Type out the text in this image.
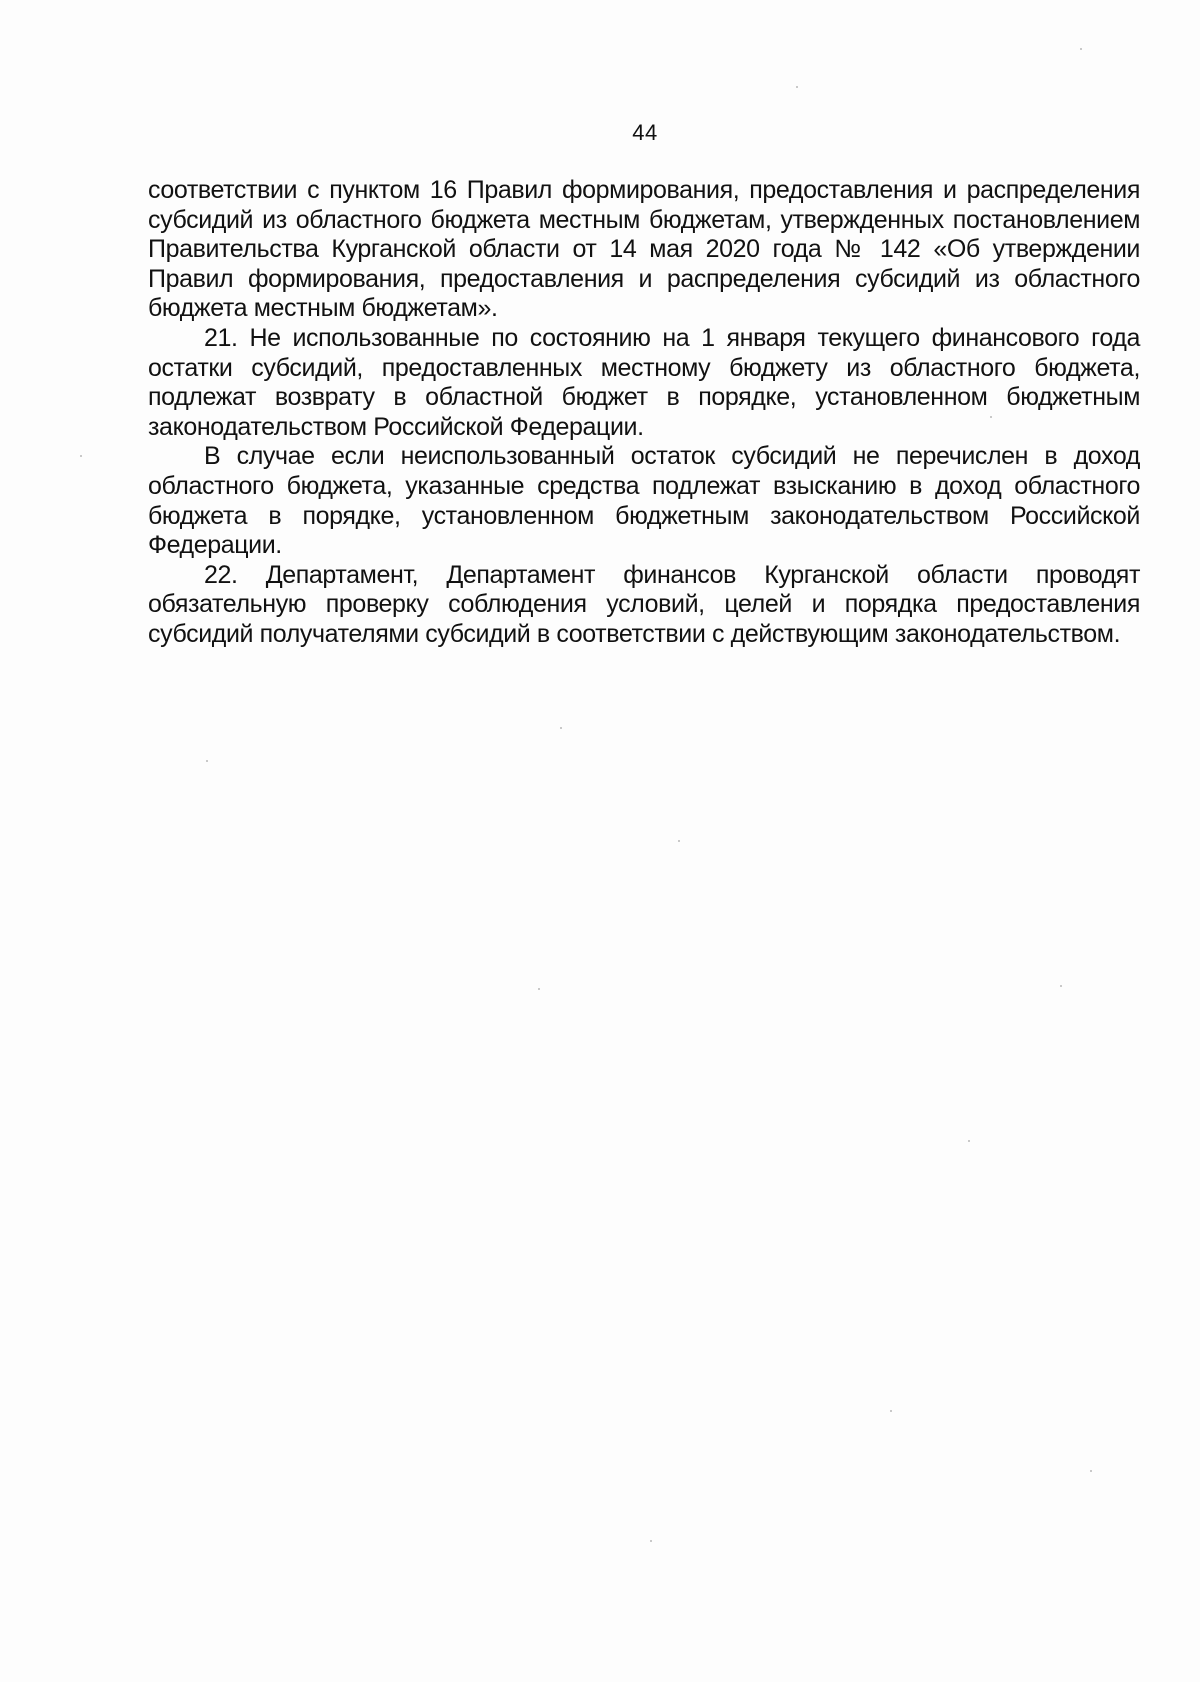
44

соответствии с пунктом 16 Правил формирования, предоставления и распределения субсидий из областного бюджета местным бюджетам, утвержденных постановлением Правительства Курганской области от 14 мая 2020 года № 142 «Об утверждении Правил формирования, предоставления и распределения субсидий из областного бюджета местным бюджетам».

21. Не использованные по состоянию на 1 января текущего финансового года остатки субсидий, предоставленных местному бюджету из областного бюджета, подлежат возврату в областной бюджет в порядке, установленном бюджетным законодательством Российской Федерации.

В случае если неиспользованный остаток субсидий не перечислен в доход областного бюджета, указанные средства подлежат взысканию в доход областного бюджета в порядке, установленном бюджетным законодательством Российской Федерации.

22. Департамент, Департамент финансов Курганской области проводят обязательную проверку соблюдения условий, целей и порядка предоставления субсидий получателями субсидий в соответствии с действующим законодательством.
